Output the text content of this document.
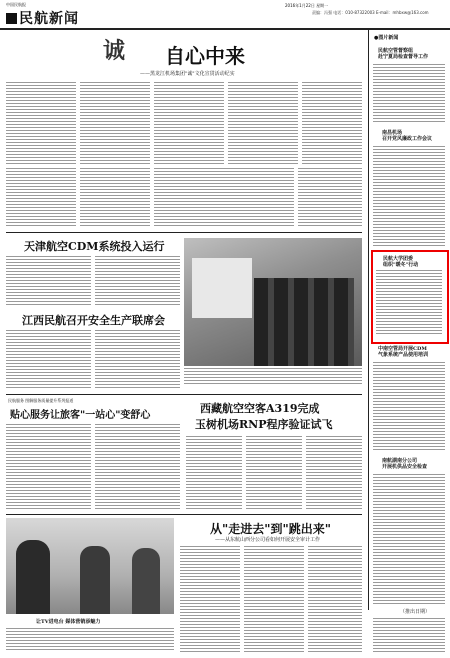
中国民航报
民航新闻
2016年1月22日 星期一
责编：冯强 电话：010-87322003 E-mail：mhbxw@163.com
诚 自心中来
——黑龙江机场集团"诚"文化宣贯活动纪实
●图片新闻
民航空管督察组
赴宁夏局检查督导工作
南昌机场
召开党风廉政工作会议
民航大学团委
组织"暖冬"行动
中南空管局开展CDM
气象系统产品使用培训
南航湖南分公司
开展机供品安全检查
（推出日期）
天津航空CDM系统投入运行
江西民航召开安全生产联席会
民航服务 图解服务质量提升系列报道
贴心服务让旅客"一站心"变舒心
西藏航空空客A319完成
玉树机场RNP程序验证试飞
让TV进电台 媒体营销添魅力
从"走进去"到"跳出来"
——从东航山西分公司看如何开展安全审计工作
